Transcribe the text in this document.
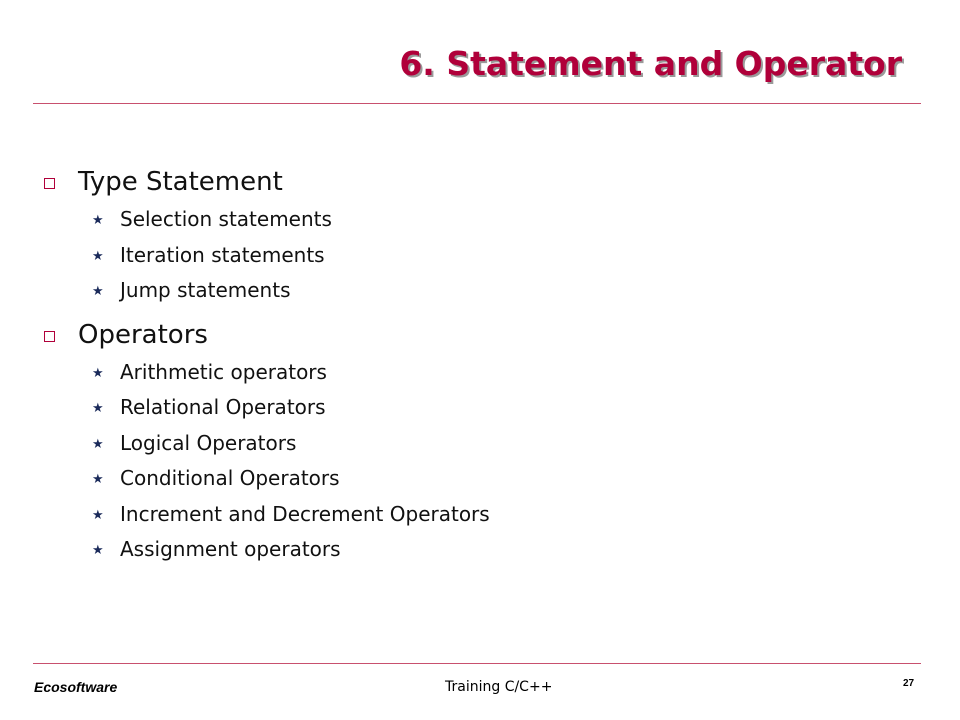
6. Statement and Operator
Type Statement
★ Selection statements
★ Iteration statements
★ Jump statements
Operators
★ Arithmetic operators
★ Relational Operators
★ Logical Operators
★ Conditional Operators
★ Increment and Decrement Operators
★ Assignment operators
Ecosoftware	Training C/C++	27
